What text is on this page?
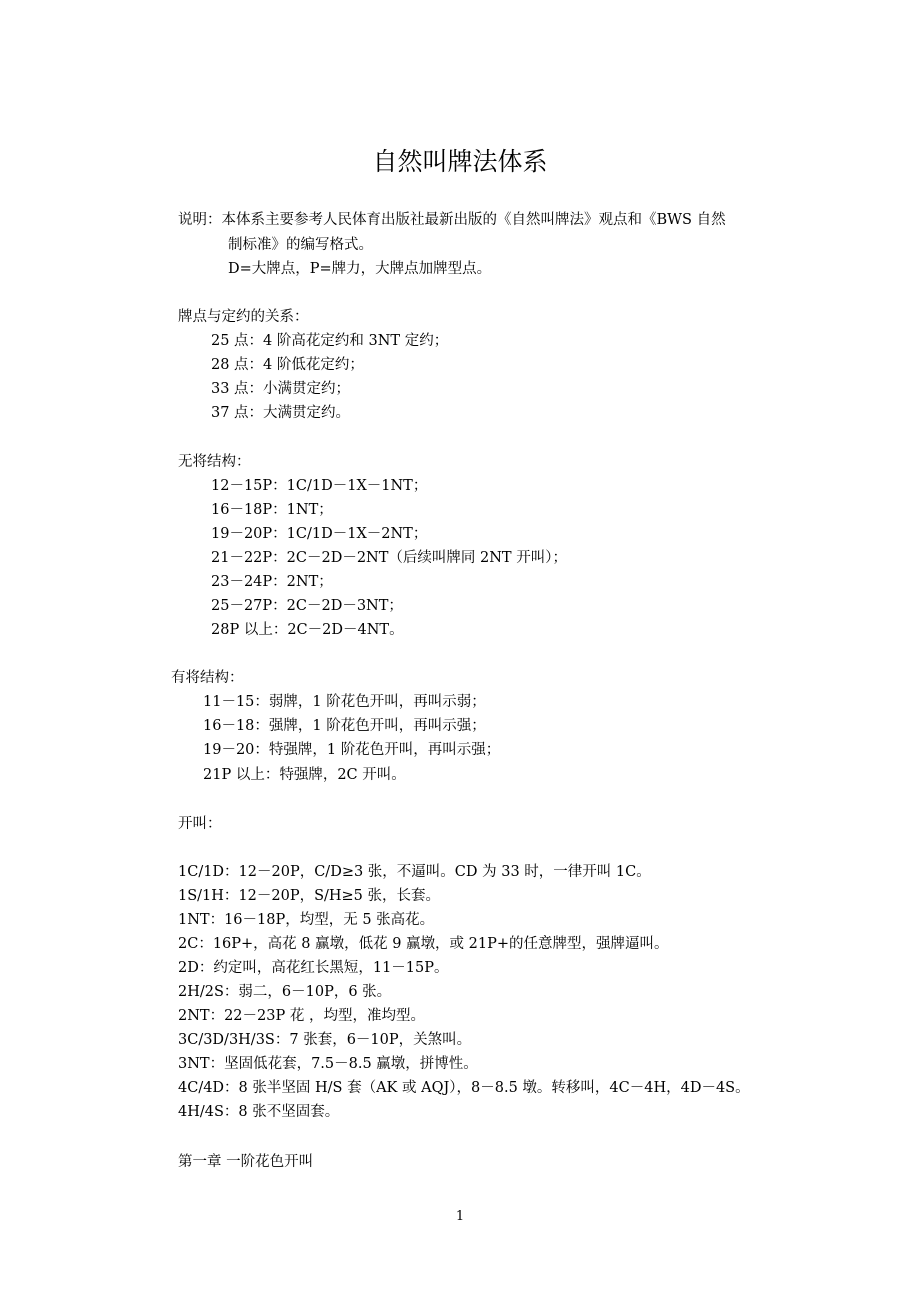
自然叫牌法体系
说明：本体系主要参考人民体育出版社最新出版的《自然叫牌法》观点和《BWS 自然
制标准》的编写格式。
D=大牌点，P=牌力，大牌点加牌型点。
牌点与定约的关系：
25 点：4 阶高花定约和 3NT 定约；
28 点：4 阶低花定约；
33 点：小满贯定约；
37 点：大满贯定约。
无将结构：
12－15P：1C/1D－1X－1NT；
16－18P：1NT；
19－20P：1C/1D－1X－2NT；
21－22P：2C－2D－2NT（后续叫牌同 2NT 开叫）；
23－24P：2NT；
25－27P：2C－2D－3NT；
28P 以上：2C－2D－4NT。
有将结构：
11－15：弱牌，1 阶花色开叫，再叫示弱；
16－18：强牌，1 阶花色开叫，再叫示强；
19－20：特强牌，1 阶花色开叫，再叫示强；
21P 以上：特强牌，2C 开叫。
开叫：
1C/1D：12－20P，C/D≥3 张，不逼叫。CD 为 33 时，一律开叫 1C。
1S/1H：12－20P，S/H≥5 张，长套。
1NT：16－18P，均型，无 5 张高花。
2C：16P+，高花 8 赢墩，低花 9 赢墩，或 21P+的任意牌型，强牌逼叫。
2D：约定叫，高花红长黑短，11－15P。
2H/2S：弱二，6－10P，6 张。
2NT：22－23P 花 ，均型，准均型。
3C/3D/3H/3S：7 张套，6－10P，关煞叫。
3NT：坚固低花套，7.5－8.5 赢墩，拼博性。
4C/4D：8 张半坚固 H/S 套（AK 或 AQJ），8－8.5 墩。转移叫，4C－4H，4D－4S。
4H/4S：8 张不坚固套。
第一章 一阶花色开叫
1
